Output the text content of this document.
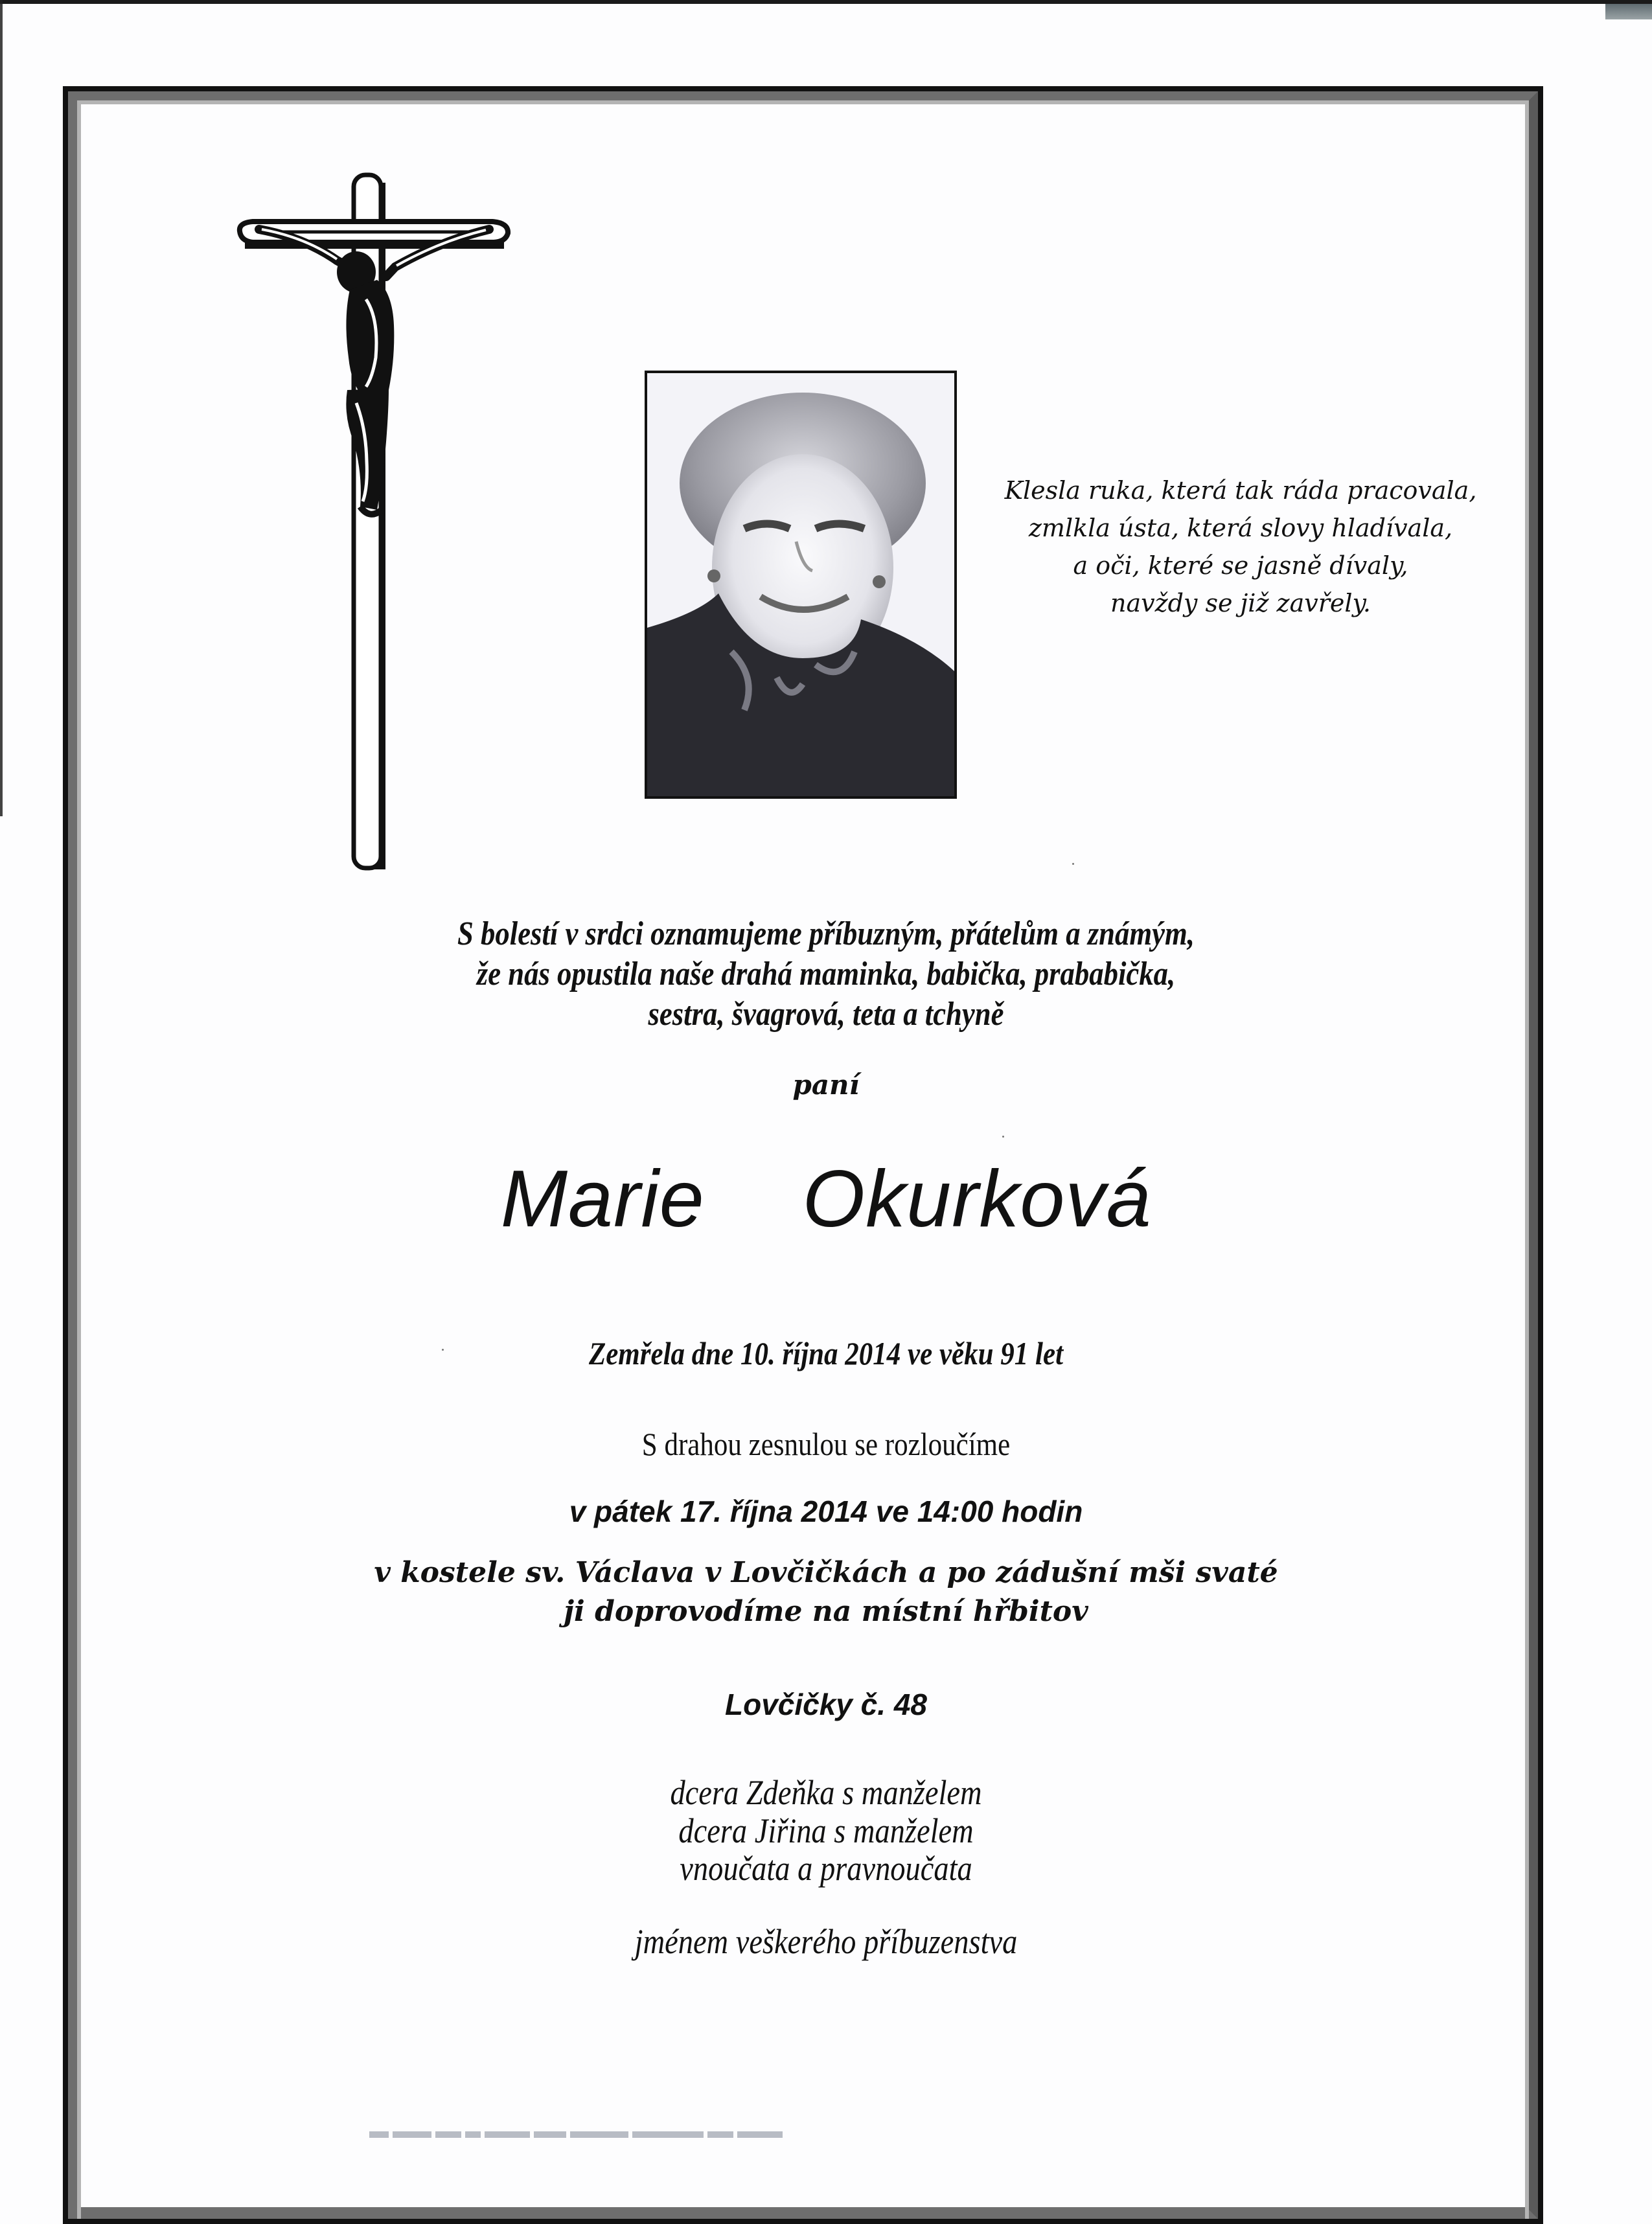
Klesla ruka, která tak ráda pracovala,
zmlkla ústa, která slovy hladívala,
a oči, které se jasně dívaly,
navždy se již zavřely.
S bolestí v srdci oznamujeme příbuzným, přátelům a známým,
že nás opustila naše drahá maminka, babička, prababička,
sestra, švagrová, teta a tchyně
paní
Marie  Okurková
Zemřela dne 10. října 2014 ve věku 91 let
S drahou zesnulou se rozloučíme
v pátek 17. října 2014 ve 14:00 hodin
v kostele sv. Václava v Lovčičkách a po zádušní mši svaté
ji doprovodíme na místní hřbitov
Lovčičky č. 48
dcera Zdeňka s manželem
dcera Jiřina s manželem
vnoučata a pravnoučata
jménem veškerého příbuzenstva
